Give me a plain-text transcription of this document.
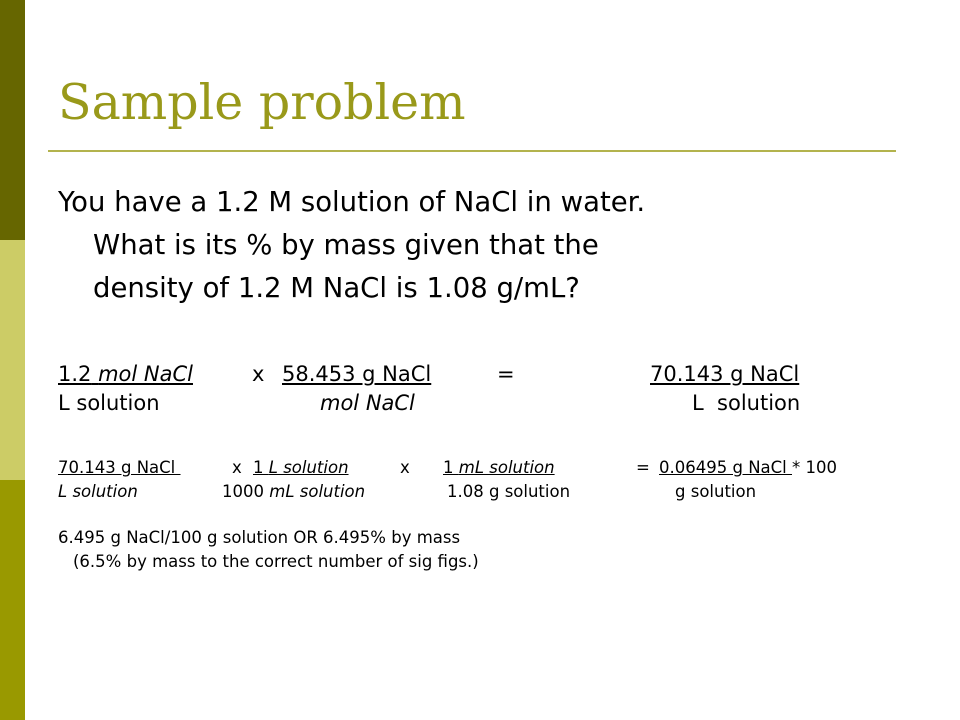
Sample problem
You have a 1.2 M solution of NaCl in water.
What is its % by mass given that the
density of 1.2 M NaCl is 1.08 g/mL?
1.2 mol NaCl	x 58.453 g NaCl	=	70.143 g NaCl
L solution	mol NaCl	L  solution
70.143 g NaCl	x 1 L solution	x 1 mL solution	= 0.06495 g NaCl * 100
L solution	1000 mL solution	1.08 g solution	g solution
6.495 g NaCl/100 g solution OR 6.495% by mass
(6.5% by mass to the correct number of sig figs.)
